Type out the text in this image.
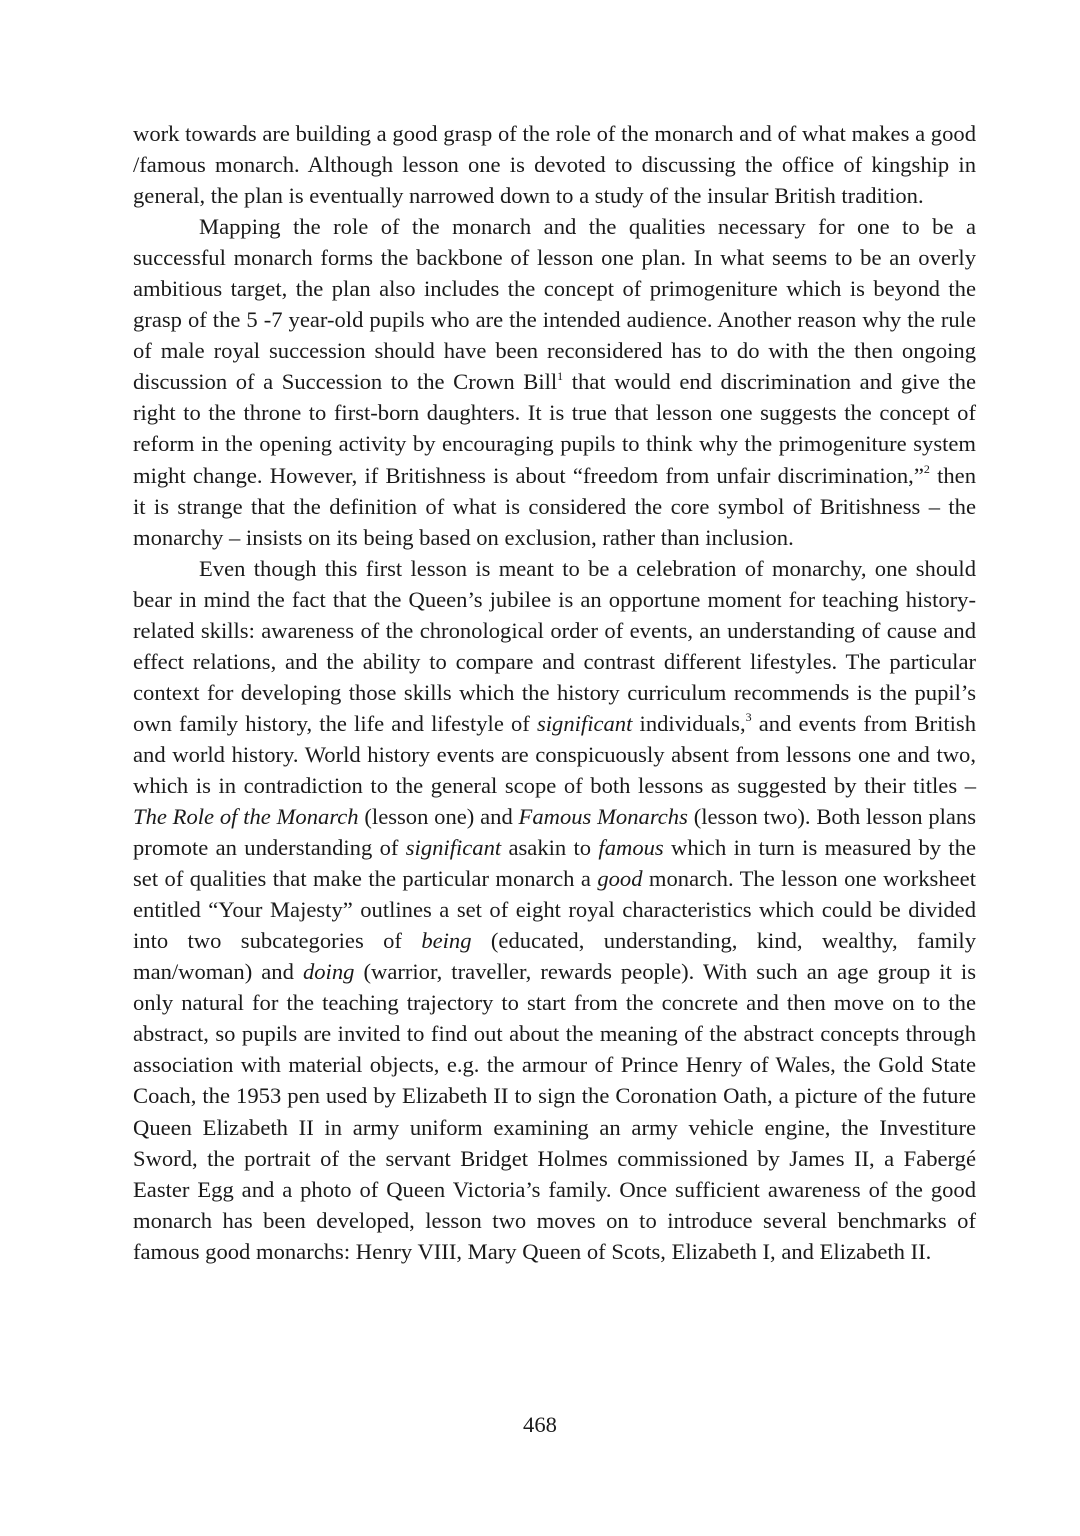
work towards are building a good grasp of the role of the monarch and of what makes a good /famous monarch. Although lesson one is devoted to discussing the office of kingship in general, the plan is eventually narrowed down to a study of the insular British tradition.

Mapping the role of the monarch and the qualities necessary for one to be a successful monarch forms the backbone of lesson one plan. In what seems to be an overly ambitious target, the plan also includes the concept of primogeniture which is beyond the grasp of the 5 -7 year-old pupils who are the intended audience. Another reason why the rule of male royal succession should have been reconsidered has to do with the then ongoing discussion of a Succession to the Crown Bill$^1$ that would end discrimination and give the right to the throne to first-born daughters. It is true that lesson one suggests the concept of reform in the opening activity by encouraging pupils to think why the primogeniture system might change. However, if Britishness is about “freedom from unfair discrimination,”$^2$ then it is strange that the definition of what is considered the core symbol of Britishness – the monarchy – insists on its being based on exclusion, rather than inclusion.

Even though this first lesson is meant to be a celebration of monarchy, one should bear in mind the fact that the Queen’s jubilee is an opportune moment for teaching history-related skills: awareness of the chronological order of events, an understanding of cause and effect relations, and the ability to compare and contrast different lifestyles. The particular context for developing those skills which the history curriculum recommends is the pupil’s own family history, the life and lifestyle of significant individuals,$^3$ and events from British and world history. World history events are conspicuously absent from lessons one and two, which is in contradiction to the general scope of both lessons as suggested by their titles – The Role of the Monarch (lesson one) and Famous Monarchs (lesson two). Both lesson plans promote an understanding of significant asakin to famous which in turn is measured by the set of qualities that make the particular monarch a good monarch. The lesson one worksheet entitled “Your Majesty” outlines a set of eight royal characteristics which could be divided into two subcategories of being (educated, understanding, kind, wealthy, family man/woman) and doing (warrior, traveller, rewards people). With such an age group it is only natural for the teaching trajectory to start from the concrete and then move on to the abstract, so pupils are invited to find out about the meaning of the abstract concepts through association with material objects, e.g. the armour of Prince Henry of Wales, the Gold State Coach, the 1953 pen used by Elizabeth II to sign the Coronation Oath, a picture of the future Queen Elizabeth II in army uniform examining an army vehicle engine, the Investiture Sword, the portrait of the servant Bridget Holmes commissioned by James II, a Fabergé Easter Egg and a photo of Queen Victoria’s family. Once sufficient awareness of the good monarch has been developed, lesson two moves on to introduce several benchmarks of famous good monarchs: Henry VIII, Mary Queen of Scots, Elizabeth I, and Elizabeth II.

468
